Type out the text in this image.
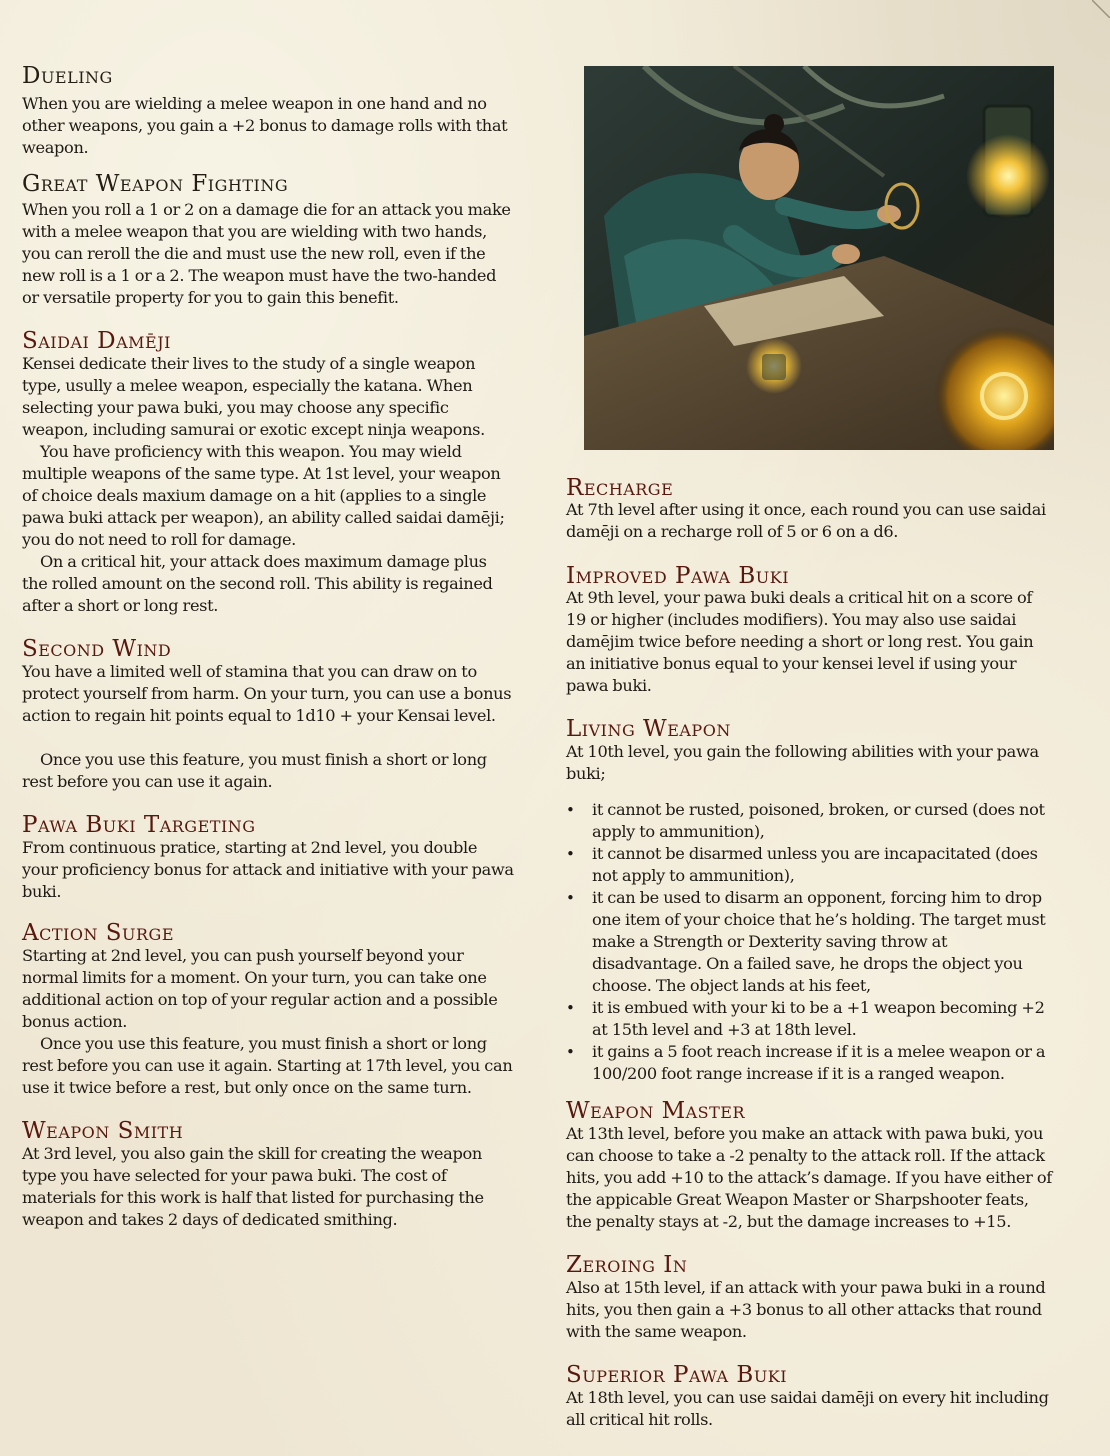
Dueling
When you are wielding a melee weapon in one hand and no other weapons, you gain a +2 bonus to damage rolls with that weapon.
Great Weapon Fighting
When you roll a 1 or 2 on a damage die for an attack you make with a melee weapon that you are wielding with two hands, you can reroll the die and must use the new roll, even if the new roll is a 1 or a 2. The weapon must have the two-handed or versatile property for you to gain this benefit.
Saidai Damēji
Kensei dedicate their lives to the study of a single weapon type, usully a melee weapon, especially the katana. When selecting your pawa buki, you may choose any specific weapon, including samurai or exotic except ninja weapons.
You have proficiency with this weapon. You may wield multiple weapons of the same type. At 1st level, your weapon of choice deals maxium damage on a hit (applies to a single pawa buki attack per weapon), an ability called saidai damēji; you do not need to roll for damage.
On a critical hit, your attack does maximum damage plus the rolled amount on the second roll. This ability is regained after a short or long rest.
Second Wind
You have a limited well of stamina that you can draw on to protect yourself from harm. On your turn, you can use a bonus action to regain hit points equal to 1d10 + your Kensai level.
Once you use this feature, you must finish a short or long rest before you can use it again.
Pawa Buki Targeting
From continuous pratice, starting at 2nd level, you double your proficiency bonus for attack and initiative with your pawa buki.
Action Surge
Starting at 2nd level, you can push yourself beyond your normal limits for a moment. On your turn, you can take one additional action on top of your regular action and a possible bonus action.
Once you use this feature, you must finish a short or long rest before you can use it again. Starting at 17th level, you can use it twice before a rest, but only once on the same turn.
Weapon Smith
At 3rd level, you also gain the skill for creating the weapon type you have selected for your pawa buki. The cost of materials for this work is half that listed for purchasing the weapon and takes 2 days of dedicated smithing.
Recharge
At 7th level after using it once, each round you can use saidai damēji on a recharge roll of 5 or 6 on a d6.
Improved Pawa Buki
At 9th level, your pawa buki deals a critical hit on a score of 19 or higher (includes modifiers). You may also use saidai damējim twice before needing a short or long rest. You gain an initiative bonus equal to your kensei level if using your pawa buki.
Living Weapon
At 10th level, you gain the following abilities with your pawa buki;
• it cannot be rusted, poisoned, broken, or cursed (does not apply to ammunition),
• it cannot be disarmed unless you are incapacitated (does not apply to ammunition),
• it can be used to disarm an opponent, forcing him to drop one item of your choice that he’s holding. The target must make a Strength or Dexterity saving throw at disadvantage. On a failed save, he drops the object you choose. The object lands at his feet,
• it is embued with your ki to be a +1 weapon becoming +2 at 15th level and +3 at 18th level.
• it gains a 5 foot reach increase if it is a melee weapon or a 100/200 foot range increase if it is a ranged weapon.
Weapon Master
At 13th level, before you make an attack with pawa buki, you can choose to take a -2 penalty to the attack roll. If the attack hits, you add +10 to the attack’s damage. If you have either of the appicable Great Weapon Master or Sharpshooter feats, the penalty stays at -2, but the damage increases to +15.
Zeroing In
Also at 15th level, if an attack with your pawa buki in a round hits, you then gain a +3 bonus to all other attacks that round with the same weapon.
Superior Pawa Buki
At 18th level, you can use saidai damēji on every hit including all critical hit rolls.
